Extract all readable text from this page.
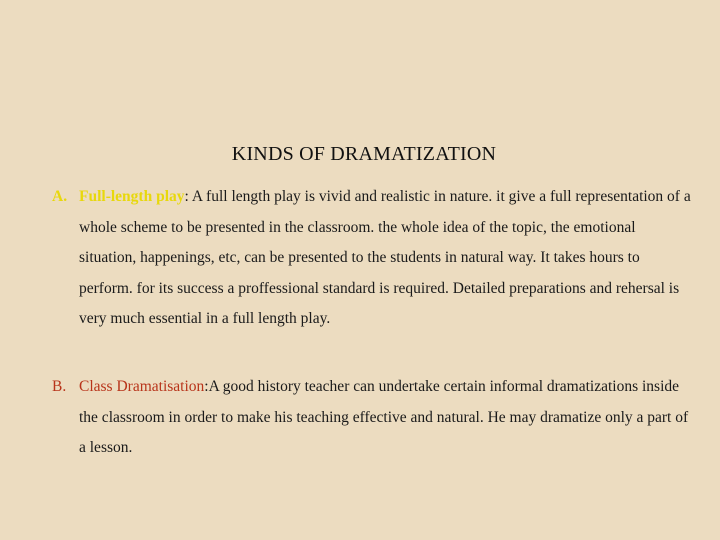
KINDS OF DRAMATIZATION
A. Full-length play: A full length play is vivid and realistic in nature. it give a full representation of a whole scheme to be presented in the classroom. the whole idea of the topic, the emotional situation, happenings, etc, can be presented to the students in natural way. It takes hours to perform. for its success a proffessional standard is required. Detailed preparations and rehersal is very much essential in a full length play.
B. Class Dramatisation:A good history teacher can undertake certain informal dramatizations inside the classroom in order to make his teaching effective and natural. He may dramatize only a part of a lesson.
